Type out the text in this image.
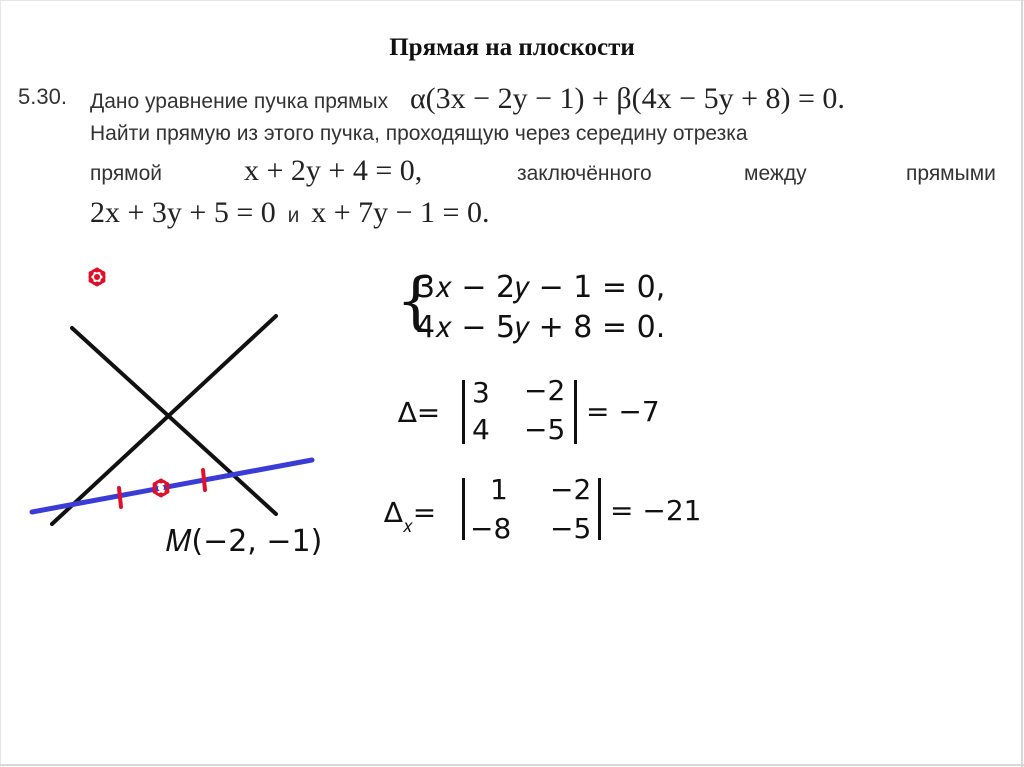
Прямая на плоскости
5.30. Дано уравнение пучка прямых α(3x − 2y − 1) + β(4x − 5y + 8) = 0.
Найти прямую из этого пучка, проходящую через середину отрезка
прямой	x + 2y + 4 = 0,	заключённого	между	прямыми
2x + 3y + 5 = 0 и x + 7y − 1 = 0.
𝑀(−2, −1)
{
3𝑥 − 2𝑦 − 1 = 0,
4𝑥 − 5𝑦 + 8 = 0.
∆=
3 −2
4 −5
= −7
$\Delta_𝑥=$
1 −2
−8 −5
= −21
